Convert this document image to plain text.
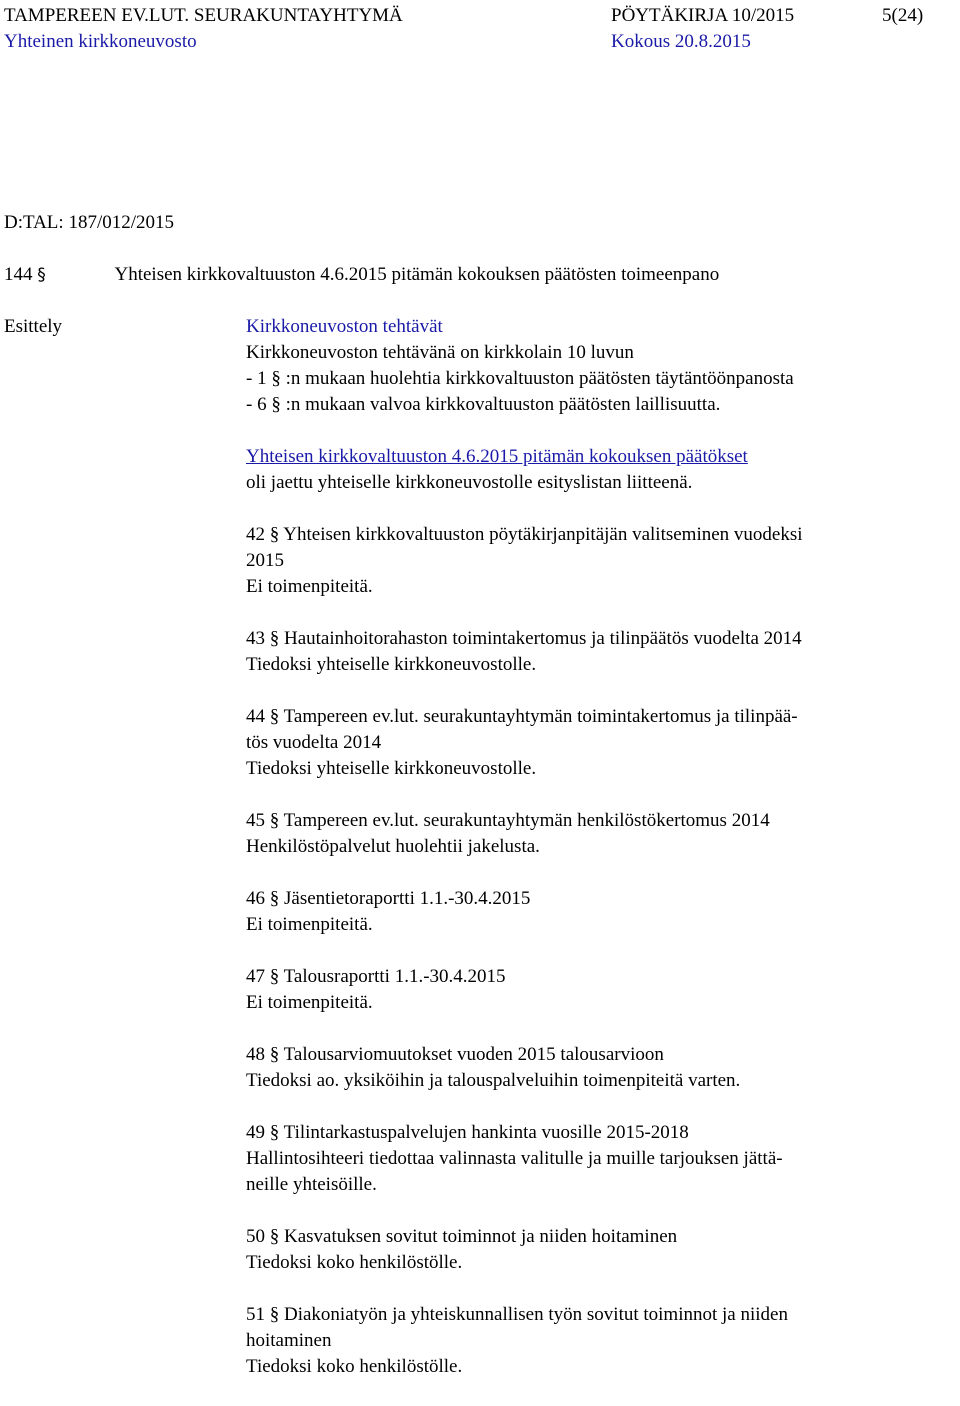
TAMPEREEN EV.LUT. SEURAKUNTAYHTYMÄ	PÖYTÄKIRJA 10/2015	5(24)
Yhteinen kirkkoneuvosto	Kokous 20.8.2015
D:TAL: 187/012/2015
144 §	Yhteisen kirkkovaltuuston 4.6.2015 pitämän kokouksen päätösten toimeenpano
Esittely	Kirkkoneuvoston tehtävät

Kirkkoneuvoston tehtävänä on kirkkolain 10 luvun

- 1 § :n mukaan huolehtia kirkkovaltuuston päätösten täytäntöönpanosta

- 6 § :n mukaan valvoa kirkkovaltuuston päätösten laillisuutta.

Yhteisen kirkkovaltuuston 4.6.2015 pitämän kokouksen päätökset

oli jaettu yhteiselle kirkkoneuvostolle esityslistan liitteenä.

42 § Yhteisen kirkkovaltuuston pöytäkirjanpitäjän valitseminen vuodeksi

2015

Ei toimenpiteitä.

43 § Hautainhoitorahaston toimintakertomus ja tilinpäätös vuodelta 2014

Tiedoksi yhteiselle kirkkoneuvostolle.

44 § Tampereen ev.lut. seurakuntayhtymän toimintakertomus ja tilinpää-

tös vuodelta 2014

Tiedoksi yhteiselle kirkkoneuvostolle.

45 § Tampereen ev.lut. seurakuntayhtymän henkilöstökertomus 2014

Henkilöstöpalvelut huolehtii jakelusta.

46 § Jäsentietoraportti 1.1.-30.4.2015

Ei toimenpiteitä.

47 § Talousraportti 1.1.-30.4.2015

Ei toimenpiteitä.

48 § Talousarviomuutokset vuoden 2015 talousarvioon

Tiedoksi ao. yksiköihin ja talouspalveluihin toimenpiteitä varten.

49 § Tilintarkastuspalvelujen hankinta vuosille 2015-2018

Hallintosihteeri tiedottaa valinnasta valitulle ja muille tarjouksen jättä-

neille yhteisöille.

50 § Kasvatuksen sovitut toiminnot ja niiden hoitaminen

Tiedoksi koko henkilöstölle.

51 § Diakoniatyön ja yhteiskunnallisen työn sovitut toiminnot ja niiden

hoitaminen

Tiedoksi koko henkilöstölle.
